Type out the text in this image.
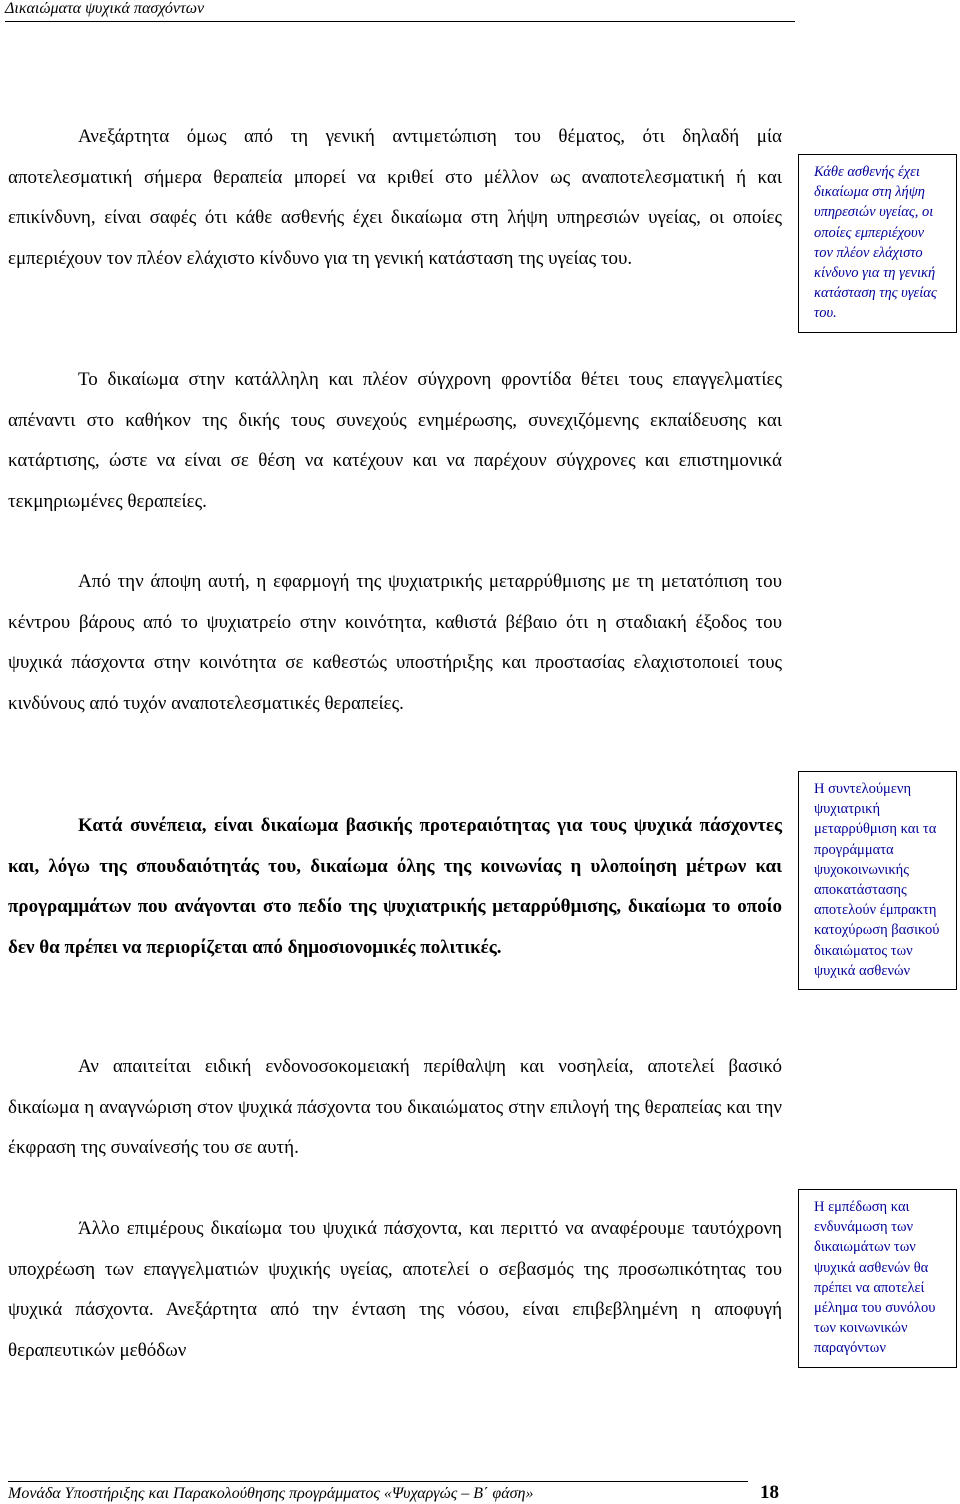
Δικαιώματα ψυχικά πασχόντων

Ανεξάρτητα όμως από τη γενική αντιμετώπιση του θέματος, ότι δηλαδή μία αποτελεσματική σήμερα θεραπεία μπορεί να κριθεί στο μέλλον ως αναποτελεσματική ή και επικίνδυνη, είναι σαφές ότι κάθε ασθενής έχει δικαίωμα στη λήψη υπηρεσιών υγείας, οι οποίες εμπεριέχουν τον πλέον ελάχιστο κίνδυνο για τη γενική κατάσταση της υγείας του.

Το δικαίωμα στην κατάλληλη και πλέον σύγχρονη φροντίδα θέτει τους επαγγελματίες απέναντι στο καθήκον της δικής τους συνεχούς ενημέρωσης, συνεχιζόμενης εκπαίδευσης και κατάρτισης, ώστε να είναι σε θέση να κατέχουν και να παρέχουν σύγχρονες και επιστημονικά τεκμηριωμένες θεραπείες.

Από την άποψη αυτή, η εφαρμογή της ψυχιατρικής μεταρρύθμισης με τη μετατόπιση του κέντρου βάρους από το ψυχιατρείο στην κοινότητα, καθιστά βέβαιο ότι η σταδιακή έξοδος του ψυχικά πάσχοντα στην κοινότητα σε καθεστώς υποστήριξης και προστασίας ελαχιστοποιεί τους κινδύνους από τυχόν αναποτελεσματικές θεραπείες.

Κατά συνέπεια, είναι δικαίωμα βασικής προτεραιότητας για τους ψυχικά πάσχοντες και, λόγω της σπουδαιότητάς του, δικαίωμα όλης της κοινωνίας η υλοποίηση μέτρων και προγραμμάτων που ανάγονται στο πεδίο της ψυχιατρικής μεταρρύθμισης, δικαίωμα το οποίο δεν θα πρέπει να περιορίζεται από δημοσιονομικές πολιτικές.

Αν απαιτείται ειδική ενδονοσοκομειακή περίθαλψη και νοσηλεία, αποτελεί βασικό δικαίωμα η αναγνώριση στον ψυχικά πάσχοντα του δικαιώματος στην επιλογή της θεραπείας και την έκφραση της συναίνεσής του σε αυτή.

Άλλο επιμέρους δικαίωμα του ψυχικά πάσχοντα, και περιττό να αναφέρουμε ταυτόχρονη υποχρέωση των επαγγελματιών ψυχικής υγείας, αποτελεί ο σεβασμός της προσωπικότητας του ψυχικά πάσχοντα. Ανεξάρτητα από την ένταση της νόσου, είναι επιβεβλημένη η αποφυγή θεραπευτικών μεθόδων

Κάθε ασθενής έχει δικαίωμα στη λήψη υπηρεσιών υγείας, οι οποίες εμπεριέχουν τον πλέον ελάχιστο κίνδυνο για τη γενική κατάσταση της υγείας του.
Η συντελούμενη ψυχιατρική μεταρρύθμιση και τα προγράμματα ψυχοκοινωνικής αποκατάστασης αποτελούν έμπρακτη κατοχύρωση βασικού δικαιώματος των ψυχικά ασθενών
Η εμπέδωση και ενδυνάμωση των δικαιωμάτων των ψυχικά ασθενών θα πρέπει να αποτελεί μέλημα του συνόλου των κοινωνικών παραγόντων
Μονάδα Υποστήριξης και Παρακολούθησης προγράμματος «Ψυχαργώς – Β΄ φάση»	18
